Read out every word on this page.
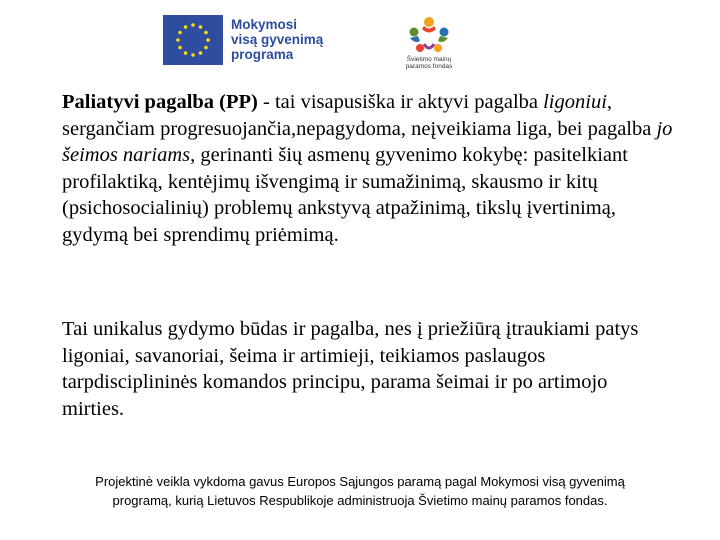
Mokymosi
visą gyvenimą
programa	Švietimo mainų
paramos fondas

Paliatyvi pagalba (PP) - tai visapusiška ir aktyvi pagalba ligoniui, sergančiam progresuojančia,nepagydoma, neįveikiama liga, bei pagalba jo šeimos nariams, gerinanti šių asmenų gyvenimo kokybę: pasitelkiant profilaktiką, kentėjimų išvengimą ir sumažinimą, skausmo ir kitų (psichosocialinių) problemų ankstyvą atpažinimą, tikslų įvertinimą, gydymą bei sprendimų priėmimą.

Tai unikalus gydymo būdas ir pagalba, nes į priežiūrą įtraukiami patys ligoniai, savanoriai, šeima ir artimieji, teikiamos paslaugos tarpdisciplininės komandos principu, parama šeimai ir po artimojo mirties.

Projektinė veikla vykdoma gavus Europos Sąjungos paramą pagal Mokymosi visą gyvenimą
programą, kurią Lietuvos Respublikoje administruoja Švietimo mainų paramos fondas.
